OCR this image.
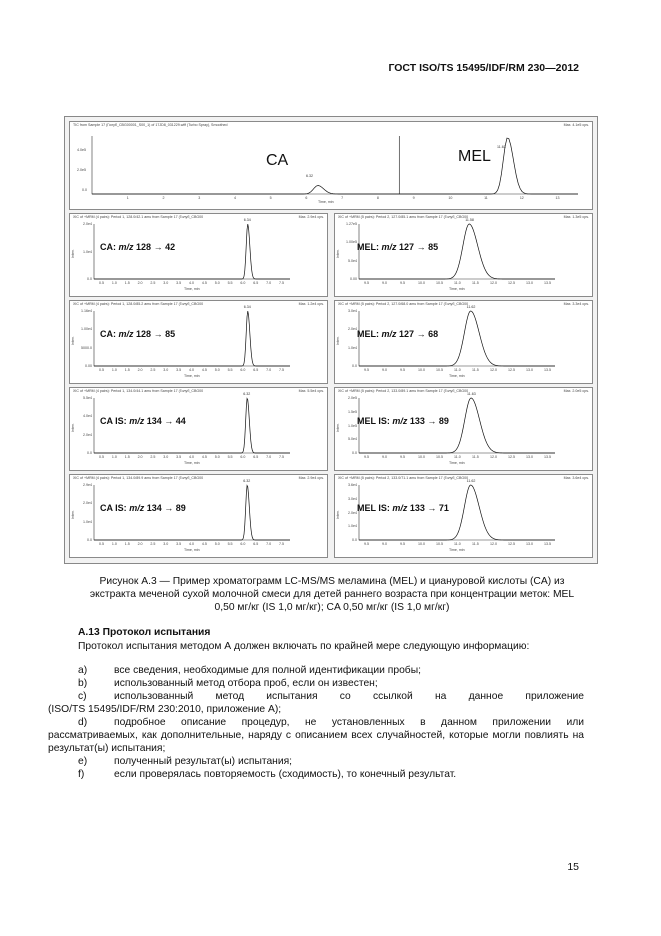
ГОСТ ISO/TS 15495/IDF/RM 230—2012
TIC from Sample 17 (Голуб_CBG00001_S00_1) of 17JD8_031229.wiff (Turbo Spray), Smoothed	Max. 4.1e5 cps.
CA	MEL
6.32
11.63
4.0e5
2.0e5
0.0
1	2	3	4	5	6	7	8	9	10	11	12	13
Time, min
XIC of +MRM (4 pairs): Period 1, 128.0/42.1 amu from Sample 17 (Голуб_CBG00	Max. 2.9e4 cps.
Inten.
2.0e4
1.0e4
0.0
0.5 1.0 1.5 2.0 2.5 3.0 3.5 4.0 4.5 5.0 5.5 6.0 6.5 7.0 7.5
Time, min
6.34
CA: m/z 128 → 42
XIC of +MRM (5 pairs): Period 2, 127.0/85.1 amu from Sample 17 (Голуб_CBG00	Max. 1.3e5 cps.
Inten.
1.27e5
1.00e5
5.0e4
0.00
9.5	9.0	9.5	10.0	10.5	11.0	11.5	12.0	12.5	13.0	13.5
Time, min
11.58
MEL: m/z 127 → 85
XIC of +MRM (4 pairs): Period 1, 128.0/85.2 amu from Sample 17 (Голуб_CBG00	Max. 1.2e4 cps.
Inten.
1.16e4
1.00e4
5000.0
0.00
0.5 1.0 1.5 2.0 2.5 3.0 3.5 4.0 4.5 5.0 5.5 6.0 6.5 7.0 7.5
Time, min
6.34
CA: m/z 128 → 85
XIC of +MRM (5 pairs): Period 2, 127.0/68.0 amu from Sample 17 (Голуб_CBG00	Max. 3.3e4 cps.
Inten.
3.0e4
2.0e4
1.0e4
0.0
9.5	9.0	9.5	10.0	10.5	11.0	11.5	12.0	12.5	13.0	13.5
Time, min
11.62
MEL: m/z 127 → 68
XIC of +MRM (4 pairs): Period 1, 134.0/44.1 amu from Sample 17 (Голуб_CBG00	Max. 5.5e4 cps.
Inten.
5.5e4
4.0e4
2.0e4
0.0
0.5 1.0 1.5 2.0 2.5 3.0 3.5 4.0 4.5 5.0 5.5 6.0 6.5 7.0 7.5
Time, min
6.32
CA IS: m/z 134 → 44
XIC of +MRM (5 pairs): Period 2, 133.0/89.1 amu from Sample 17 (Голуб_CBG00	Max. 2.0e5 cps.
Inten.
2.0e5
1.5e5
1.0e5
5.0e4
0.0
9.5	9.0	9.5	10.0	10.5	11.0	11.5	12.0	12.5	13.0	13.5
Time, min
11.63
MEL IS: m/z 133 → 89
XIC of +MRM (4 pairs): Period 1, 134.0/89.9 amu from Sample 17 (Голуб_CBG00	Max. 2.9e4 cps.
Inten.
2.9e4
2.0e4
1.0e4
0.0
0.5 1.0 1.5 2.0 2.5 3.0 3.5 4.0 4.5 5.0 5.5 6.0 6.5 7.0 7.5
Time, min
6.32
CA IS: m/z 134 → 89
XIC of +MRM (5 pairs): Period 2, 133.0/71.1 amu from Sample 17 (Голуб_CBG00	Max. 3.6e4 cps.
Inten.
3.6e4
3.0e4
2.0e4
1.0e4
0.0
9.5	9.0	9.5	10.0	10.5	11.0	11.5	12.0	12.5	13.0	13.5
Time, min
11.62
MEL IS: m/z 133 → 71
Рисунок А.3 — Пример хроматограмм LC-MS/MS меламина (MEL) и циануровой кислоты (CA) из
экстракта меченой сухой молочной смеси для детей раннего возраста при концентрации меток: MEL
0,50 мг/кг (IS 1,0 мг/кг); CA 0,50 мг/кг (IS 1,0 мг/кг)
А.13 Протокол испытания
Протокол испытания методом А должен включать по крайней мере следующую информацию:
a)	все сведения, необходимые для полной идентификации пробы;
b)	использованный метод отбора проб, если он известен;
c)	использованный метод испытания со ссылкой на данное приложение
(ISO/TS 15495/IDF/RM 230:2010, приложение А);
d)	подробное описание процедур, не установленных в данном приложении или
рассматриваемых, как дополнительные, наряду с описанием всех случайностей, которые могли повлиять на результат(ы) испытания;
e)	полученный результат(ы) испытания;
f)	если проверялась повторяемость (сходимость), то конечный результат.
15
